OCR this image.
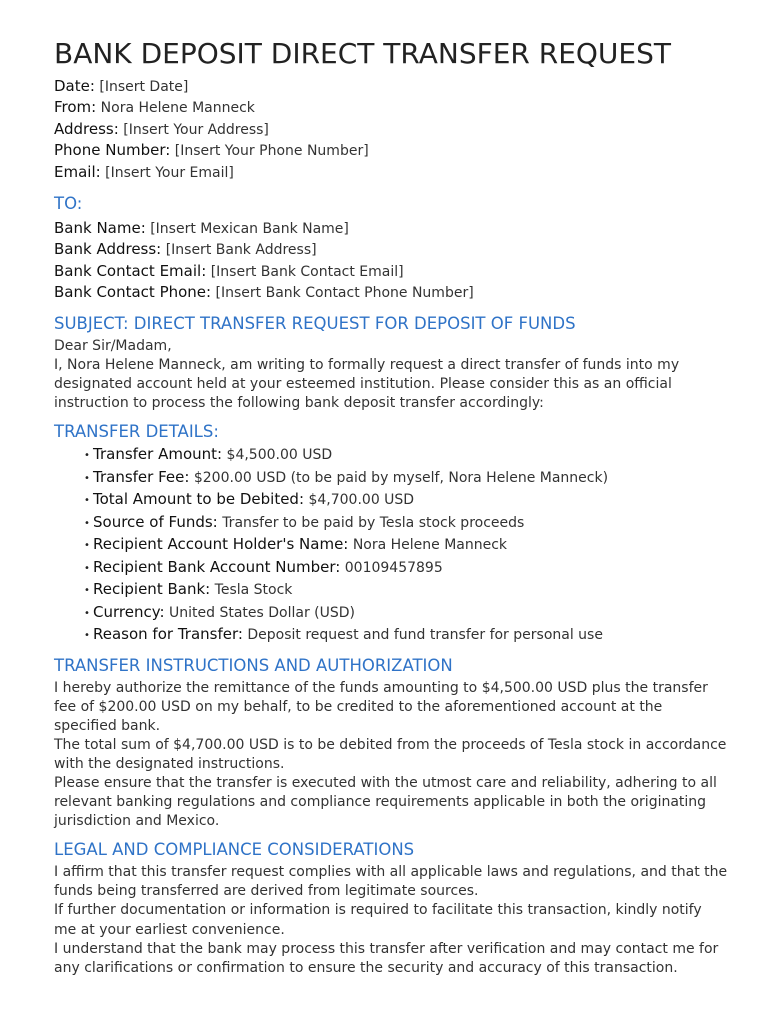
BANK DEPOSIT DIRECT TRANSFER REQUEST
Date: [Insert Date]
From: Nora Helene Manneck
Address: [Insert Your Address]
Phone Number: [Insert Your Phone Number]
Email: [Insert Your Email]
TO:
Bank Name: [Insert Mexican Bank Name]
Bank Address: [Insert Bank Address]
Bank Contact Email: [Insert Bank Contact Email]
Bank Contact Phone: [Insert Bank Contact Phone Number]
SUBJECT: DIRECT TRANSFER REQUEST FOR DEPOSIT OF FUNDS

Dear Sir/Madam,

I, Nora Helene Manneck, am writing to formally request a direct transfer of funds into my designated account held at your esteemed institution. Please consider this as an official instruction to process the following bank deposit transfer accordingly:

TRANSFER DETAILS:
• Transfer Amount: $4,500.00 USD
• Transfer Fee: $200.00 USD (to be paid by myself, Nora Helene Manneck)
• Total Amount to be Debited: $4,700.00 USD
• Source of Funds: Transfer to be paid by Tesla stock proceeds
• Recipient Account Holder's Name: Nora Helene Manneck
• Recipient Bank Account Number: 00109457895
• Recipient Bank: Tesla Stock
• Currency: United States Dollar (USD)
• Reason for Transfer: Deposit request and fund transfer for personal use
TRANSFER INSTRUCTIONS AND AUTHORIZATION

I hereby authorize the remittance of the funds amounting to $4,500.00 USD plus the transfer fee of $200.00 USD on my behalf, to be credited to the aforementioned account at the specified bank.

The total sum of $4,700.00 USD is to be debited from the proceeds of Tesla stock in accordance with the designated instructions.

Please ensure that the transfer is executed with the utmost care and reliability, adhering to all relevant banking regulations and compliance requirements applicable in both the originating jurisdiction and Mexico.

LEGAL AND COMPLIANCE CONSIDERATIONS

I affirm that this transfer request complies with all applicable laws and regulations, and that the funds being transferred are derived from legitimate sources.

If further documentation or information is required to facilitate this transaction, kindly notify me at your earliest convenience.

I understand that the bank may process this transfer after verification and may contact me for any clarifications or confirmation to ensure the security and accuracy of this transaction.
